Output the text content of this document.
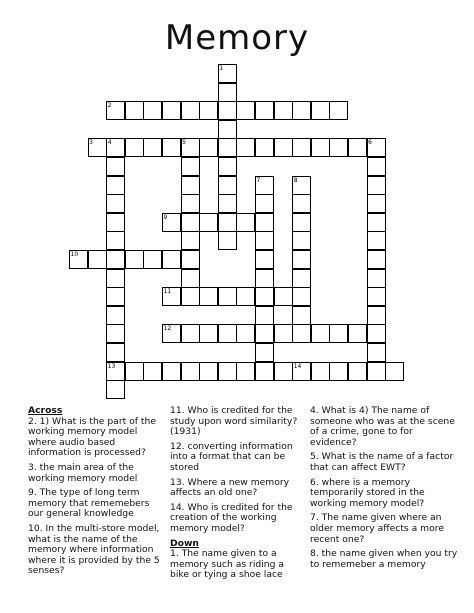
Memory
1
2
3 4	5	6
7	8
9
10
11
12
13	14
Across

2. 1) What is the part of the working memory model where audio based information is processed?

3. the main area of the working memory model

9. The type of long term memory that rememebers our general knowledge

10. In the multi-store model, what is the name of the memory where information where it is provided by the 5 senses?

11. Who is credited for the study upon word similarity? (1931)

12. converting information into a format that can be stored

13. Where a new memory affects an old one?

14. Who is credited for the creation of the working memory model?

Down

1. The name given to a memory such as riding a bike or tying a shoe lace

4. What is 4) The name of someone who was at the scene of a crime, gone to for evidence?

5. What is the name of a factor that can affect EWT?

6. where is a memory temporarily stored in the working memory model?

7. The name given where an older memory affects a more recent one?

8. the name given when you try to rememeber a memory
